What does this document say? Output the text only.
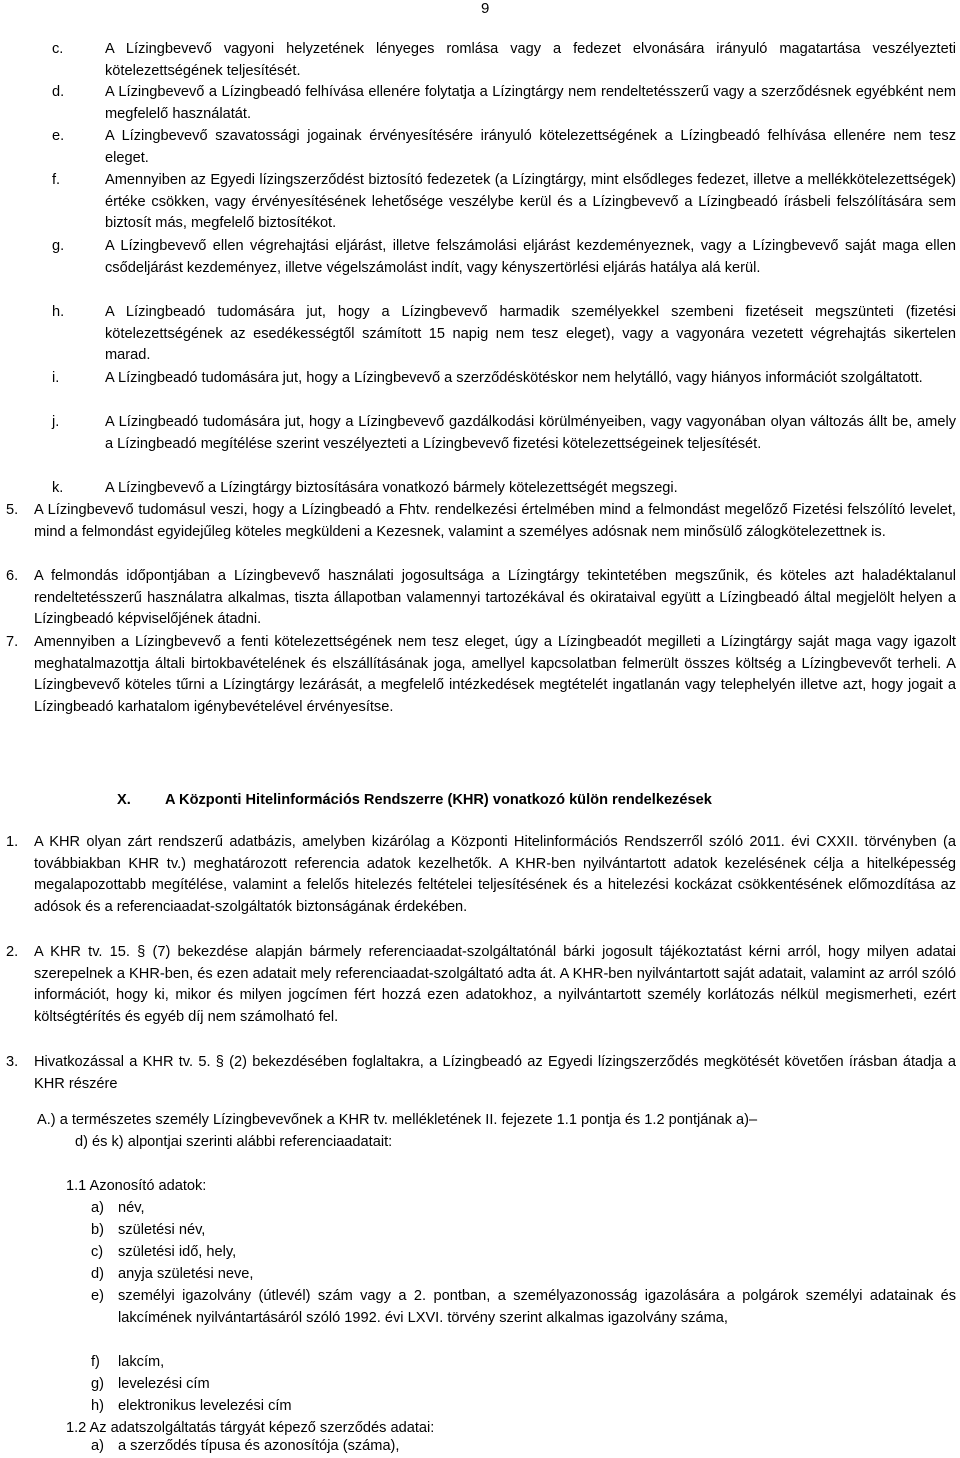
9
c.	A Lízingbevevő vagyoni helyzetének lényeges romlása vagy a fedezet elvonására irányuló magatartása veszélyezteti kötelezettségének teljesítését.
d.	A Lízingbevevő a Lízingbeadó felhívása ellenére folytatja a Lízingtárgy nem rendeltetésszerű vagy a szerződésnek egyébként nem megfelelő használatát.
e.	A Lízingbevevő szavatossági jogainak érvényesítésére irányuló kötelezettségének a Lízingbeadó felhívása ellenére nem tesz eleget.
f.	Amennyiben az Egyedi lízingszerződést biztosító fedezetek (a Lízingtárgy, mint elsődleges fedezet, illetve a mellékkötelezettségek) értéke csökken, vagy érvényesítésének lehetősége veszélybe kerül és a Lízingbevevő a Lízingbeadó írásbeli felszólítására sem biztosít más, megfelelő biztosítékot.
g.	A Lízingbevevő ellen végrehajtási eljárást, illetve felszámolási eljárást kezdeményeznek, vagy a Lízingbevevő saját maga ellen csődeljárást kezdeményez, illetve végelszámolást indít, vagy kényszertörlési eljárás hatálya alá kerül.
h.	A Lízingbeadó tudomására jut, hogy a Lízingbevevő harmadik személyekkel szembeni fizetéseit megszünteti (fizetési kötelezettségének az esedékességtől számított 15 napig nem tesz eleget), vagy a vagyonára vezetett végrehajtás sikertelen marad.
i.	A Lízingbeadó tudomására jut, hogy a Lízingbevevő a szerződéskötéskor nem helytálló, vagy hiányos információt szolgáltatott.
j.	A Lízingbeadó tudomására jut, hogy a Lízingbevevő gazdálkodási körülményeiben, vagy vagyonában olyan változás állt be, amely a Lízingbeadó megítélése szerint veszélyezteti a Lízingbevevő fizetési kötelezettségeinek teljesítését.
k.	A Lízingbevevő a Lízingtárgy biztosítására vonatkozó bármely kötelezettségét megszegi.
5.	A Lízingbevevő tudomásul veszi, hogy a Lízingbeadó a Fhtv. rendelkezési értelmében mind a felmondást megelőző Fizetési felszólító levelet, mind a felmondást egyidejűleg köteles megküldeni a Kezesnek, valamint a személyes adósnak nem minősülő zálogkötelezettnek is.
6.	A felmondás időpontjában a Lízingbevevő használati jogosultsága a Lízingtárgy tekintetében megszűnik, és köteles azt haladéktalanul rendeltetésszerű használatra alkalmas, tiszta állapotban valamennyi tartozékával és okirataival együtt a Lízingbeadó által megjelölt helyen a Lízingbeadó képviselőjének átadni.
7.	Amennyiben a Lízingbevevő a fenti kötelezettségének nem tesz eleget, úgy a Lízingbeadót megilleti a Lízingtárgy saját maga vagy igazolt meghatalmazottja általi birtokbavételének és elszállításának joga, amellyel kapcsolatban felmerült összes költség a Lízingbevevőt terheli. A Lízingbevevő köteles tűrni a Lízingtárgy lezárását, a megfelelő intézkedések megtételét ingatlanán vagy telephelyén illetve azt, hogy jogait a Lízingbeadó karhatalom igénybevételével érvényesítse.
X. A Központi Hitelinformációs Rendszerre (KHR) vonatkozó külön rendelkezések
1.	A KHR olyan zárt rendszerű adatbázis, amelyben kizárólag a Központi Hitelinformációs Rendszerről szóló 2011. évi CXXII. törvényben (a továbbiakban KHR tv.) meghatározott referencia adatok kezelhetők. A KHR-ben nyilvántartott adatok kezelésének célja a hitelképesség megalapozottabb megítélése, valamint a felelős hitelezés feltételei teljesítésének és a hitelezési kockázat csökkentésének előmozdítása az adósok és a referenciaadat-szolgáltatók biztonságának érdekében.
2.	A KHR tv. 15. § (7) bekezdése alapján bármely referenciaadat-szolgáltatónál bárki jogosult tájékoztatást kérni arról, hogy milyen adatai szerepelnek a KHR-ben, és ezen adatait mely referenciaadat-szolgáltató adta át. A KHR-ben nyilvántartott saját adatait, valamint az arról szóló információt, hogy ki, mikor és milyen jogcímen fért hozzá ezen adatokhoz, a nyilvántartott személy korlátozás nélkül megismerheti, ezért költségtérítés és egyéb díj nem számolható fel.
3.	Hivatkozással a KHR tv. 5. § (2) bekezdésében foglaltakra, a Lízingbeadó az Egyedi lízingszerződés megkötését követően írásban átadja a KHR részére
A.) a természetes személy Lízingbevevőnek a KHR tv. mellékletének II. fejezete 1.1 pontja és 1.2 pontjának a)–
d) és k) alpontjai szerinti alábbi referenciaadatait:
1.1 Azonosító adatok:
a) név,
b) születési név,
c)	születési idő, hely,
d) anyja születési neve,
e) személyi igazolvány (útlevél) szám vagy a 2. pontban, a személyazonosság igazolására a polgárok személyi adatainak és lakcímének nyilvántartásáról szóló 1992. évi LXVI. törvény szerint alkalmas igazolvány száma,
f)	lakcím,
g) levelezési cím
h) elektronikus levelezési cím
1.2 Az adatszolgáltatás tárgyát képező szerződés adatai:
a) a szerződés típusa és azonosítója (száma),
